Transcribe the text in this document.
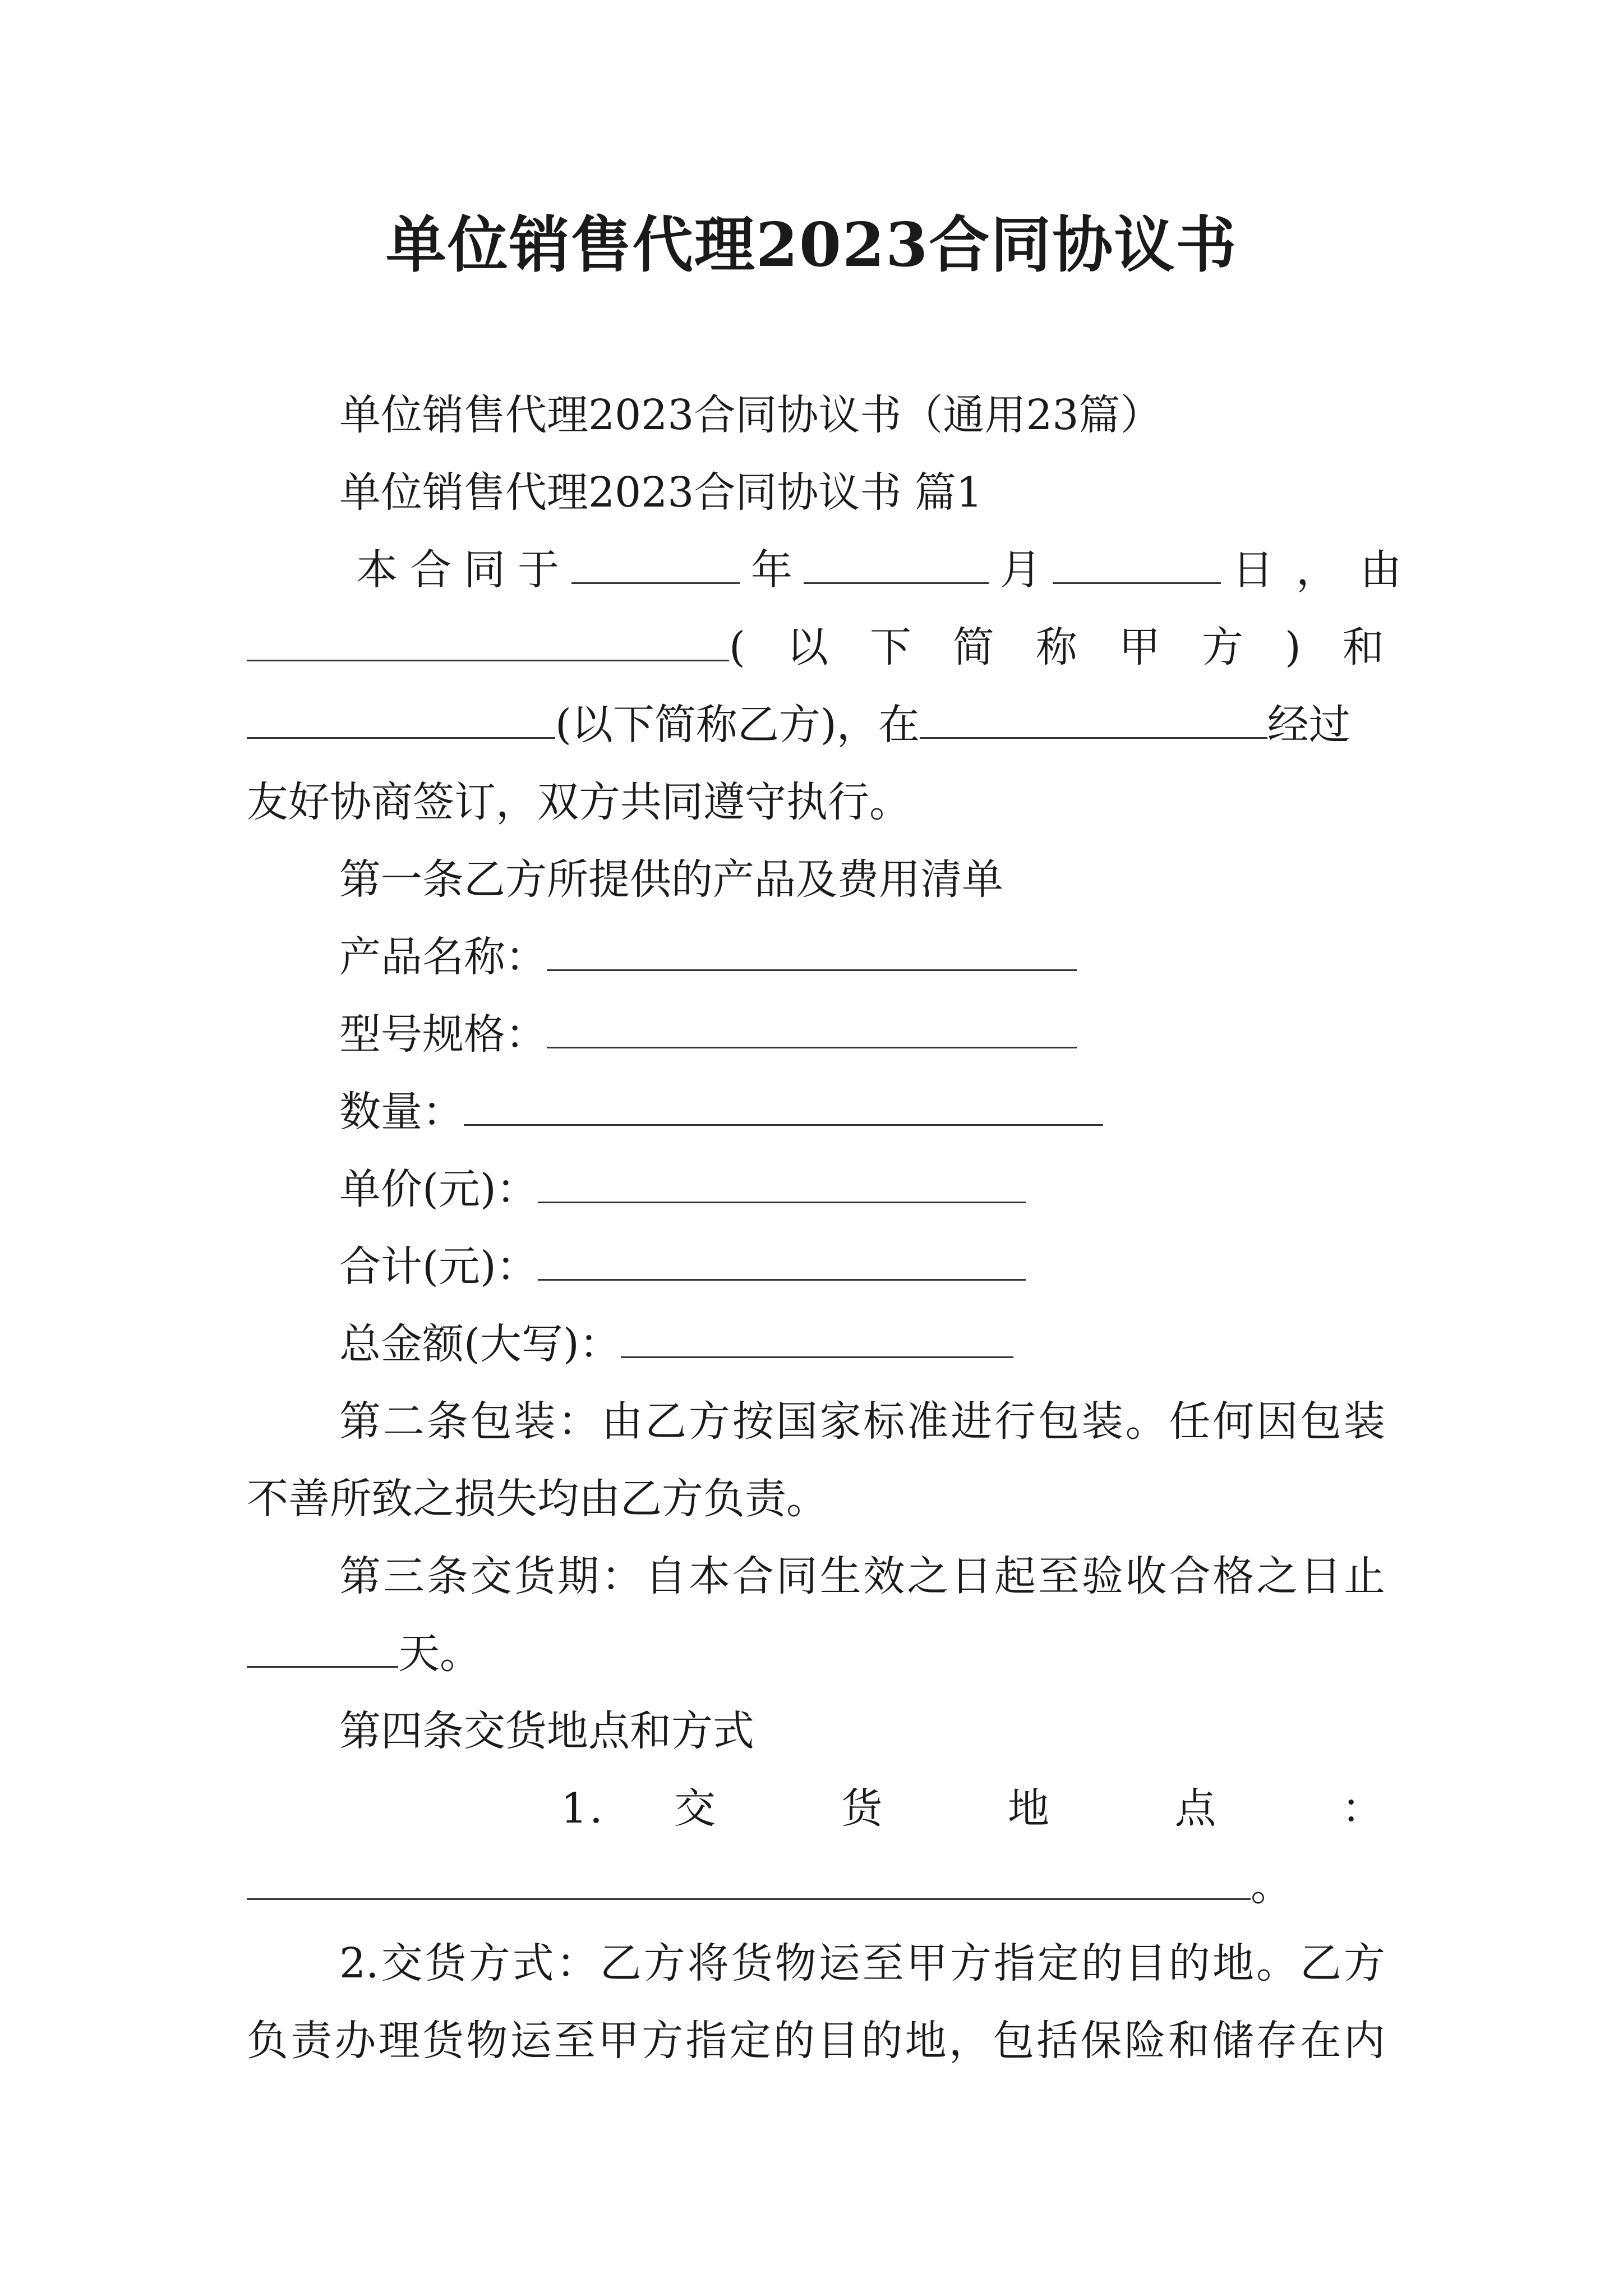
单位销售代理2023合同协议书
单位销售代理2023合同协议书（通用23篇）
单位销售代理2023合同协议书 篇1
本合同于	年	月	日，由
(以下简称甲方)和
(以下简称乙方)，在	经过
友好协商签订，双方共同遵守执行。
第一条乙方所提供的产品及费用清单
产品名称：
型号规格：
数量：
单价(元)：
合计(元)：
总金额(大写)：
第二条包装：由乙方按国家标准进行包装。任何因包装
不善所致之损失均由乙方负责。
第三条交货期：自本合同生效之日起至验收合格之日止
天。
第四条交货地点和方式
1. 交 货 地 点 ：
。
2.交货方式：乙方将货物运至甲方指定的目的地。乙方
负责办理货物运至甲方指定的目的地，包括保险和储存在内
